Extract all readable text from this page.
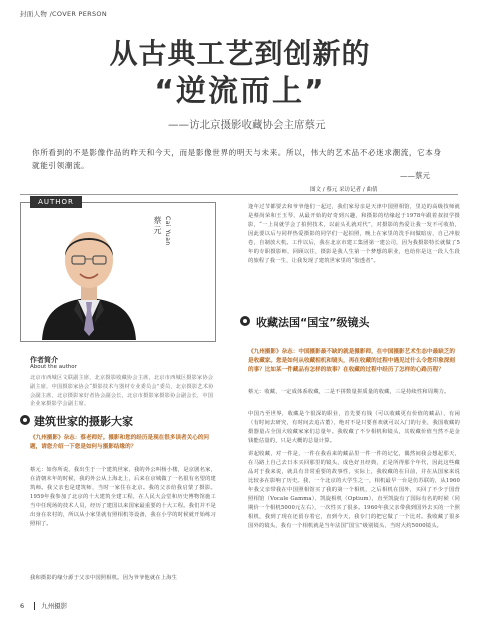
封面人物 /COVER PERSON
从古典工艺到创新的
“逆流而上”
——访北京摄影收藏协会主席蔡元
你所看到的不是影像作品的昨天和今天，而是影像世界的明天与未来。所以，伟大的艺术品不必迷求潮流，它本身就能引领潮流。
——蔡元
图文 / 蔡元 采访记者 / 曲倩
AUTHOR
蔡元 Cai Yuan
作者简介
About the author
北京市西城区文联副主席，北京摄影收藏协会主席，北京市西城区摄影家协会副主席，中国摄影家协会“摄影技术与器材专业委员会”委员，北京摄影艺术协会副主席，北京摄影家好者协会副会长，北京市摄影家摄影协会副会长，中国企业家摄影学会副主席。
建筑世家的摄影大家
《九州摄影》杂志：蔡老师好。摄影和您的经历是现在很多读者关心的问题，请您介绍一下您是如何与摄影结缘的？
蔡元：如你所说，我出生于一个建筑世家，我的外公叫杨小楼，是京剧名家，在清朝末年的时候，我的外公从上海北上，后来在京城做了一名很有名望的建筑师。我父亲也是建筑师，当时一家住在北京。我的父亲给我启蒙了摄影。1959年我参加了北京的十大建筑全建工程，在人民大会堂和历史博物馆施工当中任现场的技术人员，经历了建国以来国家最重要的十大工程。我们并不是出身在农村的，所以从小家里就有照相机等设备，我在小学的时候就开始练习照相了。
我和摄影的缘分源于父亲中国照相机。因为爷爷他就在上海生
逢年过节都要去和爷爷他们一起过，我们家母亲是天津中国照相馆，里边的高级技师就是蔡尚荣和王玉琴，从最开始的好奇到兴趣，和摄影的结缘起于1978年跟着叔叔学摄影，“一上岗就学会了拍照技术，以前头孔就对代”，对摄影的热爱让我一发不可收拾，因此要以后与同样热爱摄影的同学们一起拍照，晚上在家里的洗手间做暗房，自己冲胶卷，自制放大机。工作以后，我在北京市建工集团第一建公司，因为我摄影特长就做了5年的专职摄影师，回顾以往，摄影是我人生第一个梦想的职业，也给你是这一段人生段的旅程了我一生，让我发现了建筑世家里的“胶透者”。
收藏法国“国宝”级镜头
《九州摄影》杂志：中国摄影最不缺的就是摄影师，在中国摄影艺术生态中最缺乏的是收藏家。您是如何从收藏相机和镜头，再在收藏的过程中遇见过什么令您印象深刻的事？比如某一件藏品有怎样的故事？在收藏的过程中经历了怎样的心路历程？
蔡元：收藏，一定成体系收藏，二是不拼数量拼质量的收藏，三是持续性和周期力。
中国乃至世界，收藏是个很深的职业，首先要有钱（可以收藏更有价值的藏品），有闲（有时间去研究，有时间去追古董），绝对不是只要喜欢就可以入门的行业，我国收藏的摄器量占全国大收藏家家们总量年。我收藏了不少相机和镜头，其收藏价值当然不是金钱能估量的，只是大概的总量计算。
讲起收藏，对一件是，一件在我看来的藏品里一件一件的记忆，偶然间我会想起那天，在马路上自己去日本买回那里的镜头，成色好且经典，正是所得那个年代，因此这些藏品对于我来说，就具有非常重要的故事性，实际上，我收藏的在目前，并在从国家来说比较多在影响了历史。我，一个北京的大学生之一，相机最早一台是仿苏联的，从1960年我父亲带我在中国照相馆买了我的第一个相机，之后相机在国外，买回了不少于国营照相馆（Vocale Gamma）、凯旋相机（Optium），直至凯旋有了国际有名的时候（同期价一个相机5000元左右），一次性买了很多。1960年我父亲带我到国外去买的一个照相机，我到了现在还留存着它，直到今天，我专门的把它做了一个比对。我收藏了很多国外的镜头，我有一个相机就是当年法国“国宝”级别镜头，当时大约5000镜头。
6	九州摄影
